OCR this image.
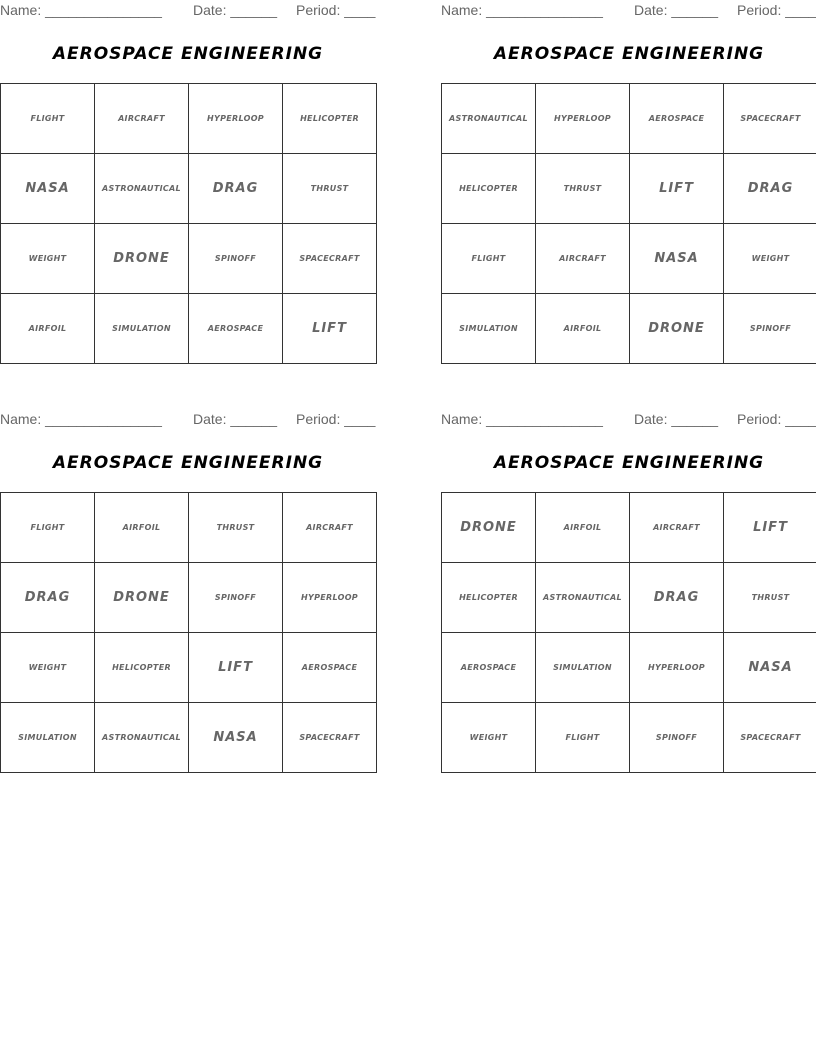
Name: _______________ Date: ______ Period: ____
AEROSPACE ENGINEERING
FLIGHT	AIRCRAFT	HYPERLOOP	HELICOPTER
NASA	ASTRONAUTICAL	DRAG	THRUST
WEIGHT	DRONE	SPINOFF	SPACECRAFT
AIRFOIL	SIMULATION	AEROSPACE	LIFT
Name: _______________ Date: ______ Period: ____
AEROSPACE ENGINEERING
ASTRONAUTICAL	HYPERLOOP	AEROSPACE	SPACECRAFT
HELICOPTER	THRUST	LIFT	DRAG
FLIGHT	AIRCRAFT	NASA	WEIGHT
SIMULATION	AIRFOIL	DRONE	SPINOFF
Name: _______________ Date: ______ Period: ____
AEROSPACE ENGINEERING
FLIGHT	AIRFOIL	THRUST	AIRCRAFT
DRAG	DRONE	SPINOFF	HYPERLOOP
WEIGHT	HELICOPTER	LIFT	AEROSPACE
SIMULATION	ASTRONAUTICAL	NASA	SPACECRAFT
Name: _______________ Date: ______ Period: ____
AEROSPACE ENGINEERING
DRONE	AIRFOIL	AIRCRAFT	LIFT
HELICOPTER	ASTRONAUTICAL	DRAG	THRUST
AEROSPACE	SIMULATION	HYPERLOOP	NASA
WEIGHT	FLIGHT	SPINOFF	SPACECRAFT
